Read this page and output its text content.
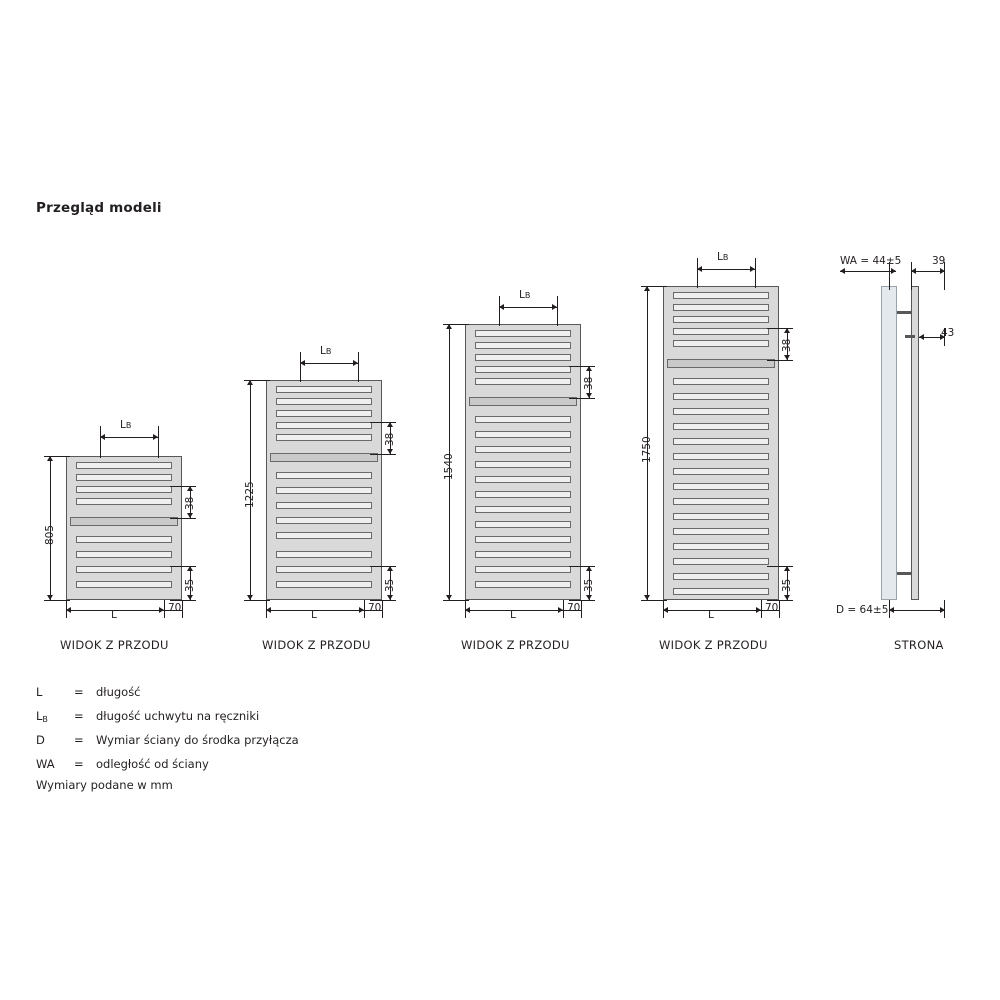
Przegląd modeli
LB
805
38
35
L
70
WIDOK Z PRZODU
LB
1225
38
35
L
70
WIDOK Z PRZODU
LB
1540
38
35
L
70
WIDOK Z PRZODU
LB
1750
38
35
L
70
WIDOK Z PRZODU
WA = 44±5	39
43
D = 64±5
STRONA
L	=	długość
$L_B$	=	długość uchwytu na ręczniki
D	=	Wymiar ściany do środka przyłącza
WA	=	odległość od ściany
Wymiary podane w mm
